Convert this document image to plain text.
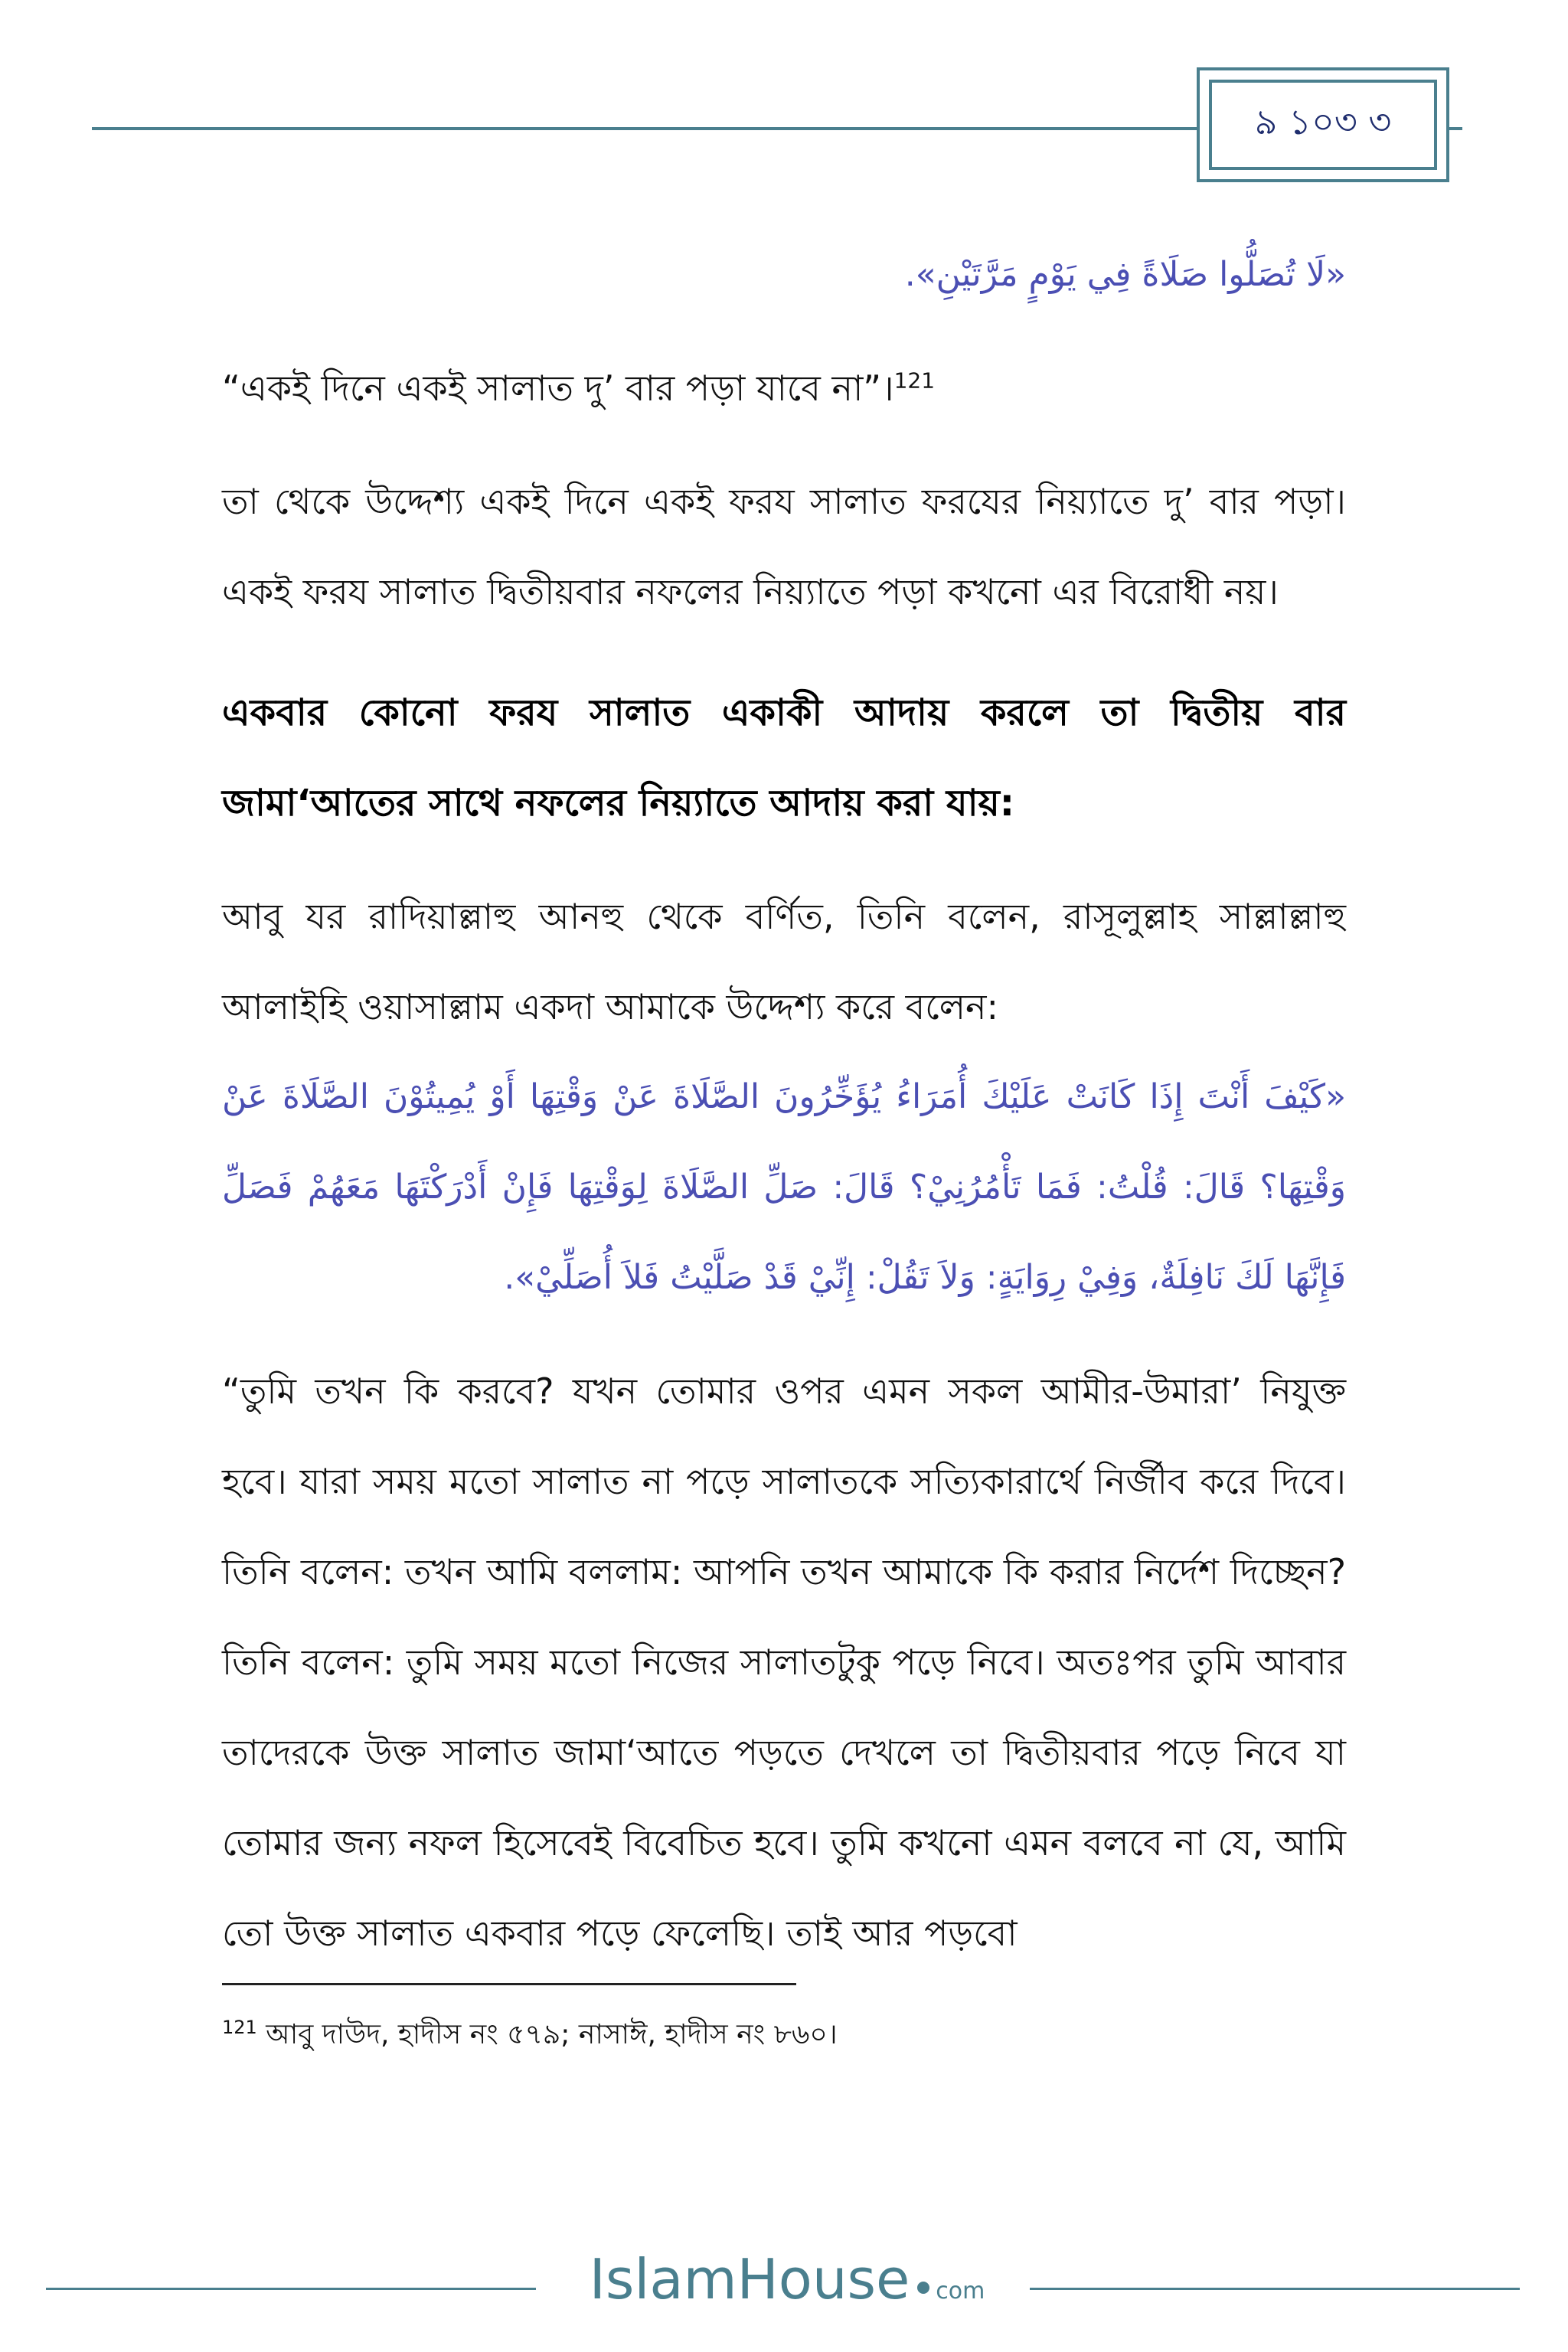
৯ ১০৩ ৩

«لَا تُصَلُّوا صَلَاةً فِي يَوْمٍ مَرَّتَيْنِ».

“একই দিনে একই সালাত দু’ বার পড়া যাবে না”।$^{121}$

তা থেকে উদ্দেশ্য একই দিনে একই ফরয সালাত ফরযের নিয়্যাতে দু’ বার পড়া। একই ফরয সালাত দ্বিতীয়বার নফলের নিয়্যাতে পড়া কখনো এর বিরোধী নয়।

একবার কোনো ফরয সালাত একাকী আদায় করলে তা দ্বিতীয় বার জামা‘আতের সাথে নফলের নিয়্যাতে আদায় করা যায়:

আবু যর রাদিয়াল্লাহু আনহু থেকে বর্ণিত, তিনি বলেন, রাসূলুল্লাহ সাল্লাল্লাহু আলাইহি ওয়াসাল্লাম একদা আমাকে উদ্দেশ্য করে বলেন:

«كَيْفَ أَنْتَ إِذَا كَانَتْ عَلَيْكَ أُمَرَاءُ يُؤَخِّرُونَ الصَّلَاةَ عَنْ وَقْتِهَا أَوْ يُمِيتُوْنَ الصَّلَاةَ عَنْ وَقْتِهَا؟ قَالَ: قُلْتُ: فَمَا تَأْمُرُنِيْ؟ قَالَ: صَلِّ الصَّلَاةَ لِوَقْتِهَا فَإِنْ أَدْرَكْتَهَا مَعَهُمْ فَصَلِّ فَإِنَّهَا لَكَ نَافِلَةٌ، وَفِيْ رِوَايَةٍ: وَلاَ تَقُلْ: إِنِّيْ قَدْ صَلَّيْتُ فَلاَ أُصَلِّيْ».

“তুমি তখন কি করবে? যখন তোমার ওপর এমন সকল আমীর-উমারা’ নিযুক্ত হবে। যারা সময় মতো সালাত না পড়ে সালাতকে সত্যিকারার্থে নির্জীব করে দিবে। তিনি বলেন: তখন আমি বললাম: আপনি তখন আমাকে কি করার নির্দেশ দিচ্ছেন? তিনি বলেন: তুমি সময় মতো নিজের সালাতটুকু পড়ে নিবে। অতঃপর তুমি আবার তাদেরকে উক্ত সালাত জামা‘আতে পড়তে দেখলে তা দ্বিতীয়বার পড়ে নিবে যা তোমার জন্য নফল হিসেবেই বিবেচিত হবে। তুমি কখনো এমন বলবে না যে, আমি তো উক্ত সালাত একবার পড়ে ফেলেছি। তাই আর পড়বো

$^{121}$ আবু দাউদ, হাদীস নং ৫৭৯; নাসাঈ, হাদীস নং ৮৬০।
IslamHouse com
